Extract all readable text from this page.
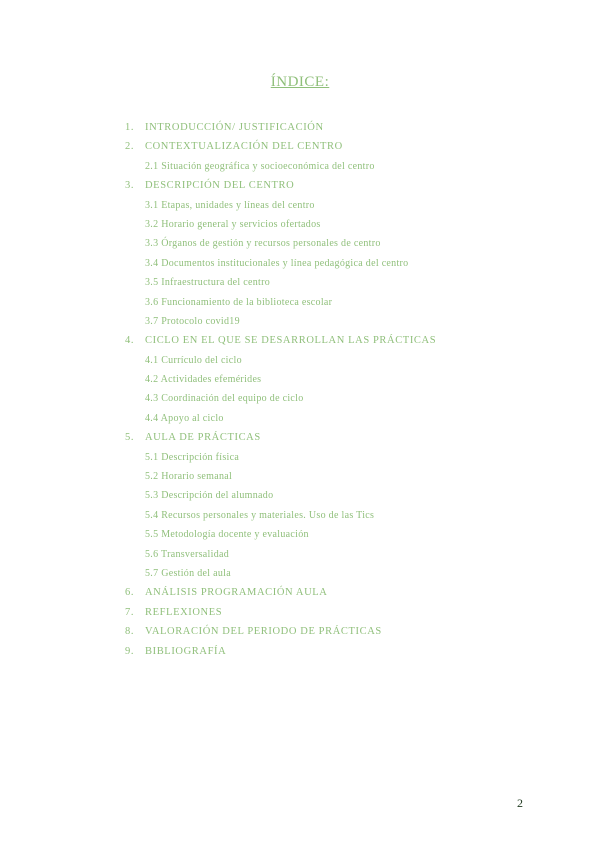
ÍNDICE:
1. INTRODUCCIÓN/ JUSTIFICACIÓN
2. CONTEXTUALIZACIÓN DEL CENTRO
2.1 Situación geográfica y socioeconómica del centro
3. DESCRIPCIÓN DEL CENTRO
3.1 Etapas, unidades y líneas del centro
3.2 Horario general y servicios ofertados
3.3 Órganos de gestión y recursos personales de centro
3.4 Documentos institucionales y línea pedagógica del centro
3.5 Infraestructura del centro
3.6 Funcionamiento de la biblioteca escolar
3.7 Protocolo covid19
4. CICLO EN EL QUE SE DESARROLLAN LAS PRÁCTICAS
4.1 Currículo del ciclo
4.2 Actividades efemérides
4.3 Coordinación del equipo de ciclo
4.4 Apoyo al ciclo
5. AULA DE PRÁCTICAS
5.1 Descripción física
5.2 Horario semanal
5.3 Descripción del alumnado
5.4 Recursos personales y materiales. Uso de las Tics
5.5 Metodología docente y evaluación
5.6 Transversalidad
5.7 Gestión del aula
6. ANÁLISIS PROGRAMACIÓN AULA
7. REFLEXIONES
8. VALORACIÓN DEL PERIODO DE PRÁCTICAS
9. BIBLIOGRAFÍA
2
